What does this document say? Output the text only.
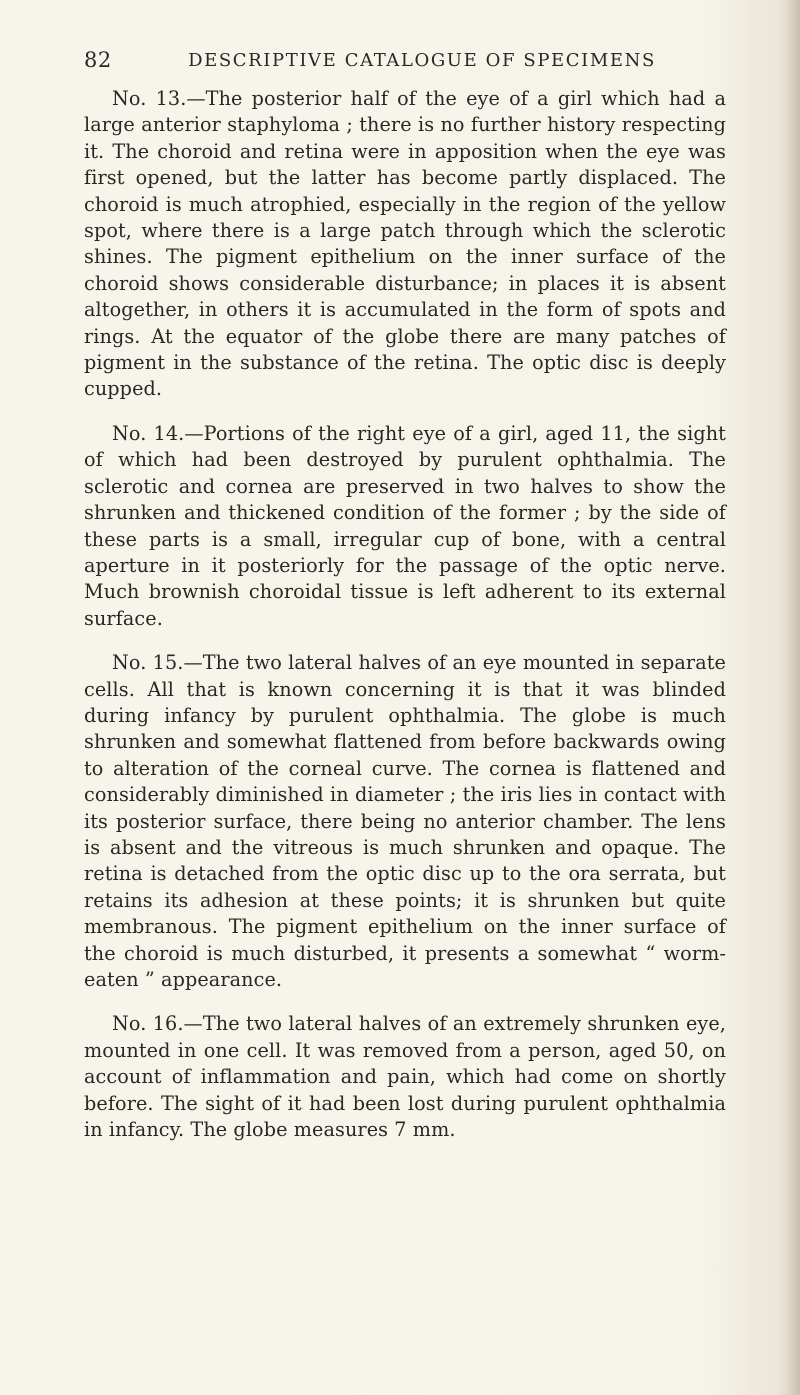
82	DESCRIPTIVE CATALOGUE OF SPECIMENS

No. 13.—The posterior half of the eye of a girl which had a large anterior staphyloma ; there is no further history respecting it. The choroid and retina were in apposition when the eye was first opened, but the latter has become partly displaced. The choroid is much atrophied, especially in the region of the yellow spot, where there is a large patch through which the sclerotic shines. The pigment epithelium on the inner surface of the choroid shows considerable disturbance; in places it is absent altogether, in others it is accumulated in the form of spots and rings. At the equator of the globe there are many patches of pigment in the substance of the retina. The optic disc is deeply cupped.

No. 14.—Portions of the right eye of a girl, aged 11, the sight of which had been destroyed by purulent ophthalmia. The sclerotic and cornea are preserved in two halves to show the shrunken and thickened condition of the former ; by the side of these parts is a small, irregular cup of bone, with a central aperture in it posteriorly for the passage of the optic nerve. Much brownish choroidal tissue is left adherent to its external surface.

No. 15.—The two lateral halves of an eye mounted in separate cells. All that is known concerning it is that it was blinded during infancy by purulent ophthalmia. The globe is much shrunken and somewhat flattened from before backwards owing to alteration of the corneal curve. The cornea is flattened and considerably diminished in diameter ; the iris lies in contact with its posterior surface, there being no anterior chamber. The lens is absent and the vitreous is much shrunken and opaque. The retina is detached from the optic disc up to the ora serrata, but retains its adhesion at these points; it is shrunken but quite membranous. The pigment epithelium on the inner surface of the choroid is much disturbed, it presents a somewhat “ worm-eaten ” appearance.

No. 16.—The two lateral halves of an extremely shrunken eye, mounted in one cell. It was removed from a person, aged 50, on account of inflammation and pain, which had come on shortly before. The sight of it had been lost during purulent ophthalmia in infancy. The globe measures 7 mm.
